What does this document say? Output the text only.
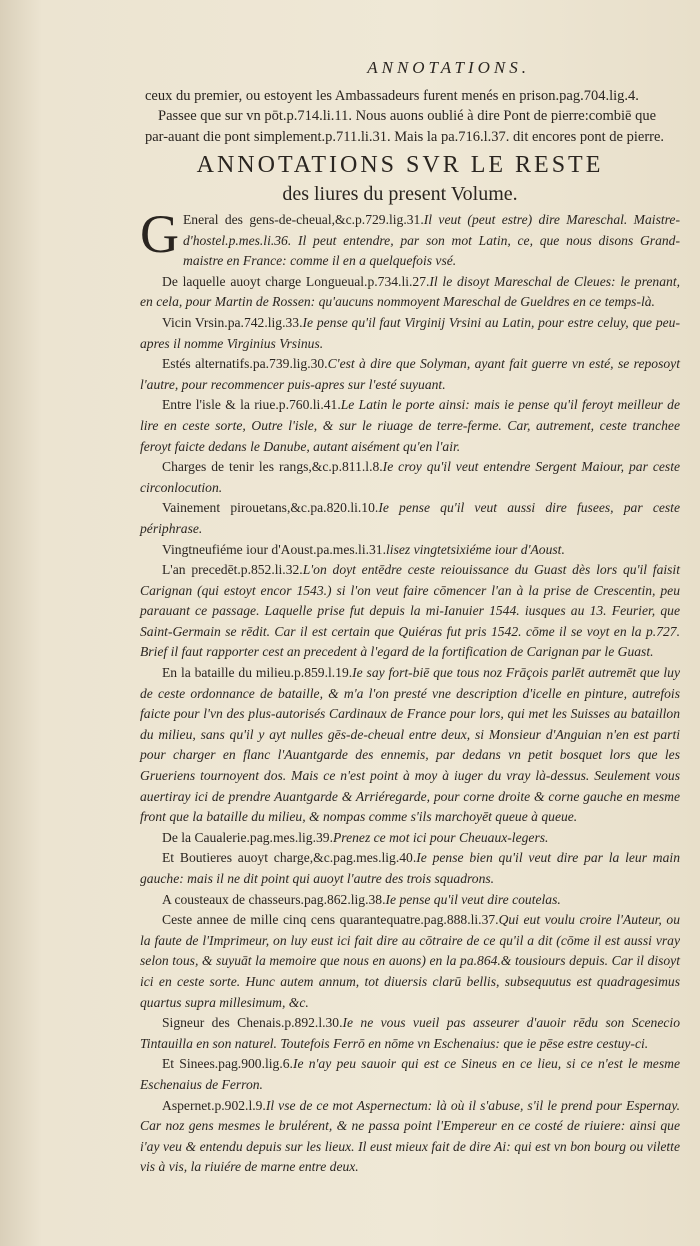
ANNOTATIONS.
ceux du premier, ou estoyent les Ambassadeurs furent menés en prison.pag.704.lig.4.
Passee que sur vn pōt.p.714.li.11. Nous auons oublié à dire Pont de pierre:combiē que
par-auant die pont simplement.p.711.li.31. Mais la pa.716.l.37. dit encores pont de pierre.
ANNOTATIONS SVR LE RESTE
des liures du present Volume.

G Eneral des gens-de-cheual,&c.p.729.lig.31.Il veut (peut estre) dire Mareschal. Maistre-d'hostel.p.mes.li.36. Il peut entendre, par son mot Latin, ce, que nous disons Grand-maistre en France: comme il en a quelquefois vsé.

De laquelle auoyt charge Longueual.p.734.li.27.Il le disoyt Mareschal de Cleues: le prenant, en cela, pour Martin de Rossen: qu'aucuns nommoyent Mareschal de Gueldres en ce temps-là.

Vicin Vrsin.pa.742.lig.33.Ie pense qu'il faut Virginij Vrsini au Latin, pour estre celuy, que peu-apres il nomme Virginius Vrsinus.

Estés alternatifs.pa.739.lig.30.C'est à dire que Solyman, ayant fait guerre vn esté, se reposoyt l'autre, pour recommencer puis-apres sur l'esté suyuant.

Entre l'isle & la riue.p.760.li.41.Le Latin le porte ainsi: mais ie pense qu'il feroyt meilleur de lire en ceste sorte, Outre l'isle, & sur le riuage de terre-ferme. Car, autrement, ceste tranchee feroyt faicte dedans le Danube, autant aisément qu'en l'air.

Charges de tenir les rangs,&c.p.811.l.8.Ie croy qu'il veut entendre Sergent Maiour, par ceste circonlocution.

Vainement pirouetans,&c.pa.820.li.10.Ie pense qu'il veut aussi dire fusees, par ceste périphrase.

Vingtneufiéme iour d'Aoust.pa.mes.li.31.lisez vingtetsixiéme iour d'Aoust.

L'an precedēt.p.852.li.32.L'on doyt entēdre ceste reiouissance du Guast dès lors qu'il faisit Carignan (qui estoyt encor 1543.) si l'on veut faire cōmencer l'an à la prise de Crescentin, peu parauant ce passage. Laquelle prise fut depuis la mi-Ianuier 1544. iusques au 13. Feurier, que Saint-Germain se rēdit. Car il est certain que Quiéras fut pris 1542. cōme il se voyt en la p.727. Brief il faut rapporter cest an precedent à l'egard de la fortification de Carignan par le Guast.

En la bataille du milieu.p.859.l.19.Ie say fort-biē que tous noz Frāçois parlēt autremēt que luy de ceste ordonnance de bataille, & m'a l'on presté vne description d'icelle en pinture, autrefois faicte pour l'vn des plus-autorisés Cardinaux de France pour lors, qui met les Suisses au bataillon du milieu, sans qu'il y ayt nulles gēs-de-cheual entre deux, si Monsieur d'Anguian n'en est parti pour charger en flanc l'Auantgarde des ennemis, par dedans vn petit bosquet lors que les Grueriens tournoyent dos. Mais ce n'est point à moy à iuger du vray là-dessus. Seulement vous auertiray ici de prendre Auantgarde & Arriéregarde, pour corne droite & corne gauche en mesme front que la bataille du milieu, & nompas comme s'ils marchoyēt queue à queue.

De la Caualerie.pag.mes.lig.39.Prenez ce mot ici pour Cheuaux-legers.

Et Boutieres auoyt charge,&c.pag.mes.lig.40.Ie pense bien qu'il veut dire par la leur main gauche: mais il ne dit point qui auoyt l'autre des trois squadrons.

A cousteaux de chasseurs.pag.862.lig.38.Ie pense qu'il veut dire coutelas.

Ceste annee de mille cinq cens quarantequatre.pag.888.li.37.Qui eut voulu croire l'Auteur, ou la faute de l'Imprimeur, on luy eust ici fait dire au cōtraire de ce qu'il a dit (cōme il est aussi vray selon tous, & suyuāt la memoire que nous en auons) en la pa.864.& tousiours depuis. Car il disoyt ici en ceste sorte. Hunc autem annum, tot diuersis clarū bellis, subsequutus est quadragesimus quartus supra millesimum, &c.

Signeur des Chenais.p.892.l.30.Ie ne vous vueil pas asseurer d'auoir rēdu son Scenecio Tintauilla en son naturel. Toutefois Ferrō en nōme vn Eschenaius: que ie pēse estre cestuy-ci.

Et Sinees.pag.900.lig.6.Ie n'ay peu sauoir qui est ce Sineus en ce lieu, si ce n'est le mesme Eschenaius de Ferron.

Aspernet.p.902.l.9.Il vse de ce mot Aspernectum: là où il s'abuse, s'il le prend pour Espernay. Car noz gens mesmes le brulérent, & ne passa point l'Empereur en ce costé de riuiere: ainsi que i'ay veu & entendu depuis sur les lieux. Il eust mieux fait de dire Ai: qui est vn bon bourg ou vilette vis à vis, la riuiére de marne entre deux.
